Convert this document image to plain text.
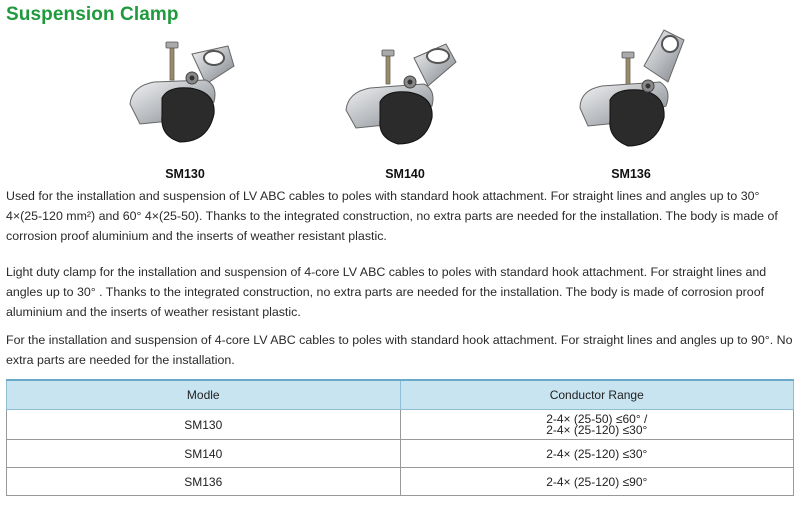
Suspension Clamp
SM130	SM140	SM136
Used for the installation and suspension of LV ABC cables to poles with standard hook attachment. For straight lines and angles up to 30° 4×(25-120 mm²) and 60° 4×(25-50). Thanks to the integrated construction, no extra parts are needed for the installation. The body is made of corrosion proof aluminium and the inserts of weather resistant plastic.
Light duty clamp for the installation and suspension of 4-core LV ABC cables to poles with standard hook attachment. For straight lines and angles up to 30° . Thanks to the integrated construction, no extra parts are needed for the installation. The body is made of corrosion proof aluminium and the inserts of weather resistant plastic.
For the installation and suspension of 4-core LV ABC cables to poles with standard hook attachment. For straight lines and angles up to 90°. No extra parts are needed for the installation.
Modle	Conductor Range
SM130	2-4× (25-50) ≤60° /
2-4× (25-120) ≤30°

SM140	2-4× (25-120) ≤30°
SM136	2-4× (25-120) ≤90°
